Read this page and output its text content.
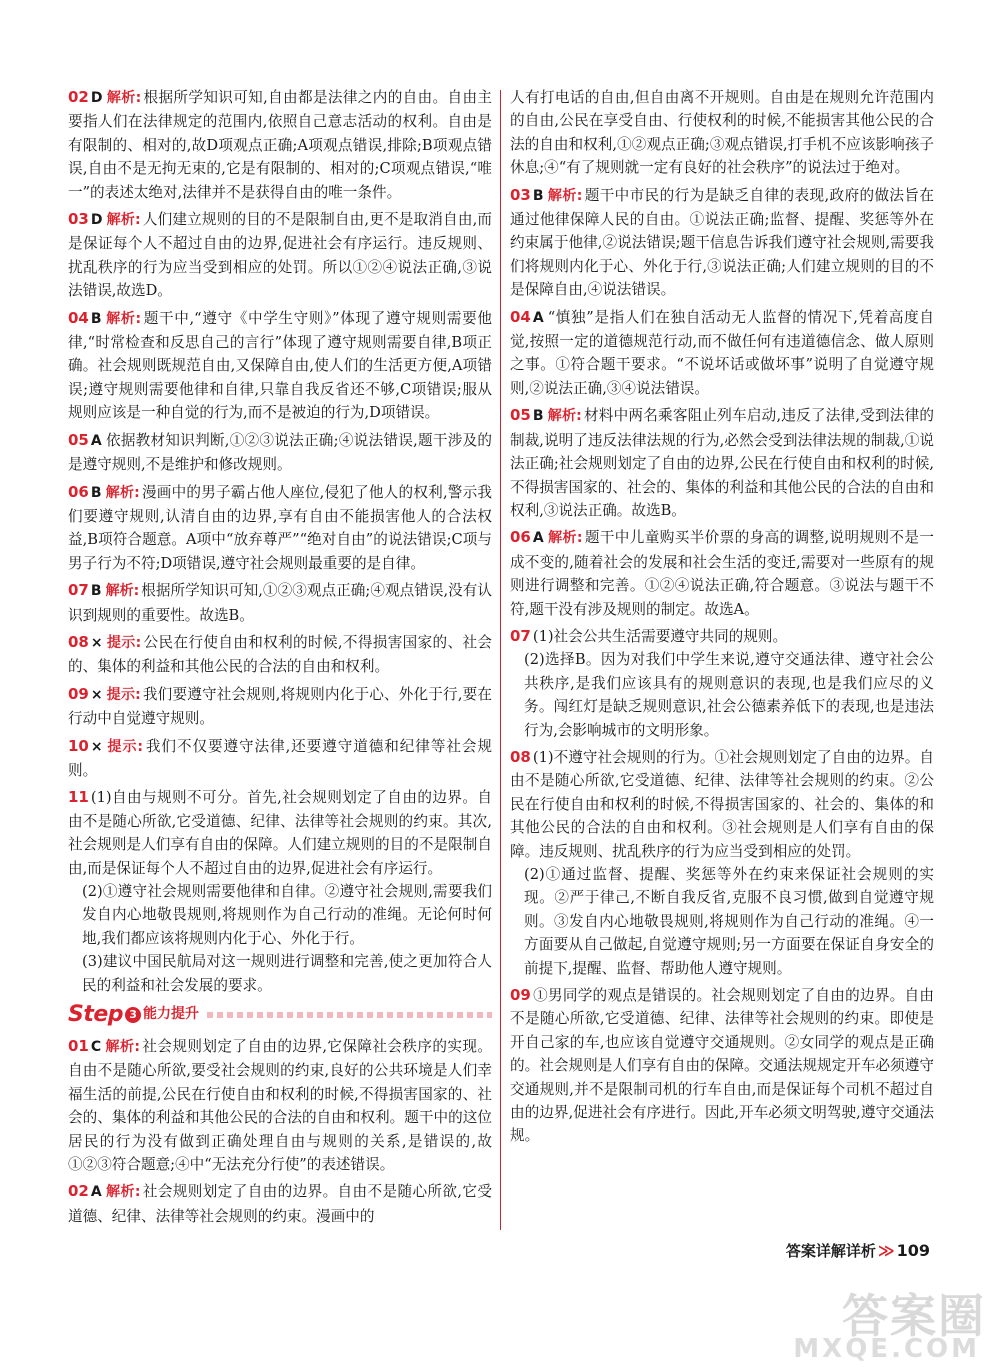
02 D 解析: 根据所学知识可知,自由都是法律之内的自由。自由主要指人们在法律规定的范围内,依照自己意志活动的权利。自由是有限制的、相对的,故D项观点正确;A项观点错误,排除;B项观点错误,自由不是无拘无束的,它是有限制的、相对的;C项观点错误,“唯一”的表述太绝对,法律并不是获得自由的唯一条件。
03 D 解析: 人们建立规则的目的不是限制自由,更不是取消自由,而是保证每个人不超过自由的边界,促进社会有序运行。违反规则、扰乱秩序的行为应当受到相应的处罚。所以①②④说法正确,③说法错误,故选D。
04 B 解析: 题干中,“遵守《中学生守则》”体现了遵守规则需要他律,“时常检查和反思自己的言行”体现了遵守规则需要自律,B项正确。社会规则既规范自由,又保障自由,使人们的生活更方便,A项错误;遵守规则需要他律和自律,只靠自我反省还不够,C项错误;服从规则应该是一种自觉的行为,而不是被迫的行为,D项错误。
05 A 依据教材知识判断,①②③说法正确;④说法错误,题干涉及的是遵守规则,不是维护和修改规则。
06 B 解析: 漫画中的男子霸占他人座位,侵犯了他人的权利,警示我们要遵守规则,认清自由的边界,享有自由不能损害他人的合法权益,B项符合题意。A项中“放弃尊严”“绝对自由”的说法错误;C项与男子行为不符;D项错误,遵守社会规则最重要的是自律。
07 B 解析: 根据所学知识可知,①②③观点正确;④观点错误,没有认识到规则的重要性。故选B。
08 × 提示: 公民在行使自由和权利的时候,不得损害国家的、社会的、集体的利益和其他公民的合法的自由和权利。
09 × 提示: 我们要遵守社会规则,将规则内化于心、外化于行,要在行动中自觉遵守规则。
10 × 提示: 我们不仅要遵守法律,还要遵守道德和纪律等社会规则。
11 (1)自由与规则不可分。首先,社会规则划定了自由的边界。自由不是随心所欲,它受道德、纪律、法律等社会规则的约束。其次,社会规则是人们享有自由的保障。人们建立规则的目的不是限制自由,而是保证每个人不超过自由的边界,促进社会有序运行。
(2)①遵守社会规则需要他律和自律。②遵守社会规则,需要我们发自内心地敬畏规则,将规则作为自己行动的准绳。无论何时何地,我们都应该将规则内化于心、外化于行。
(3)建议中国民航局对这一规则进行调整和完善,使之更加符合人民的利益和社会发展的要求。
Step 3 能力提升
01 C 解析: 社会规则划定了自由的边界,它保障社会秩序的实现。自由不是随心所欲,要受社会规则的约束,良好的公共环境是人们幸福生活的前提,公民在行使自由和权利的时候,不得损害国家的、社会的、集体的利益和其他公民的合法的自由和权利。题干中的这位居民的行为没有做到正确处理自由与规则的关系,是错误的,故①②③符合题意;④中“无法充分行使”的表述错误。
02 A 解析: 社会规则划定了自由的边界。自由不是随心所欲,它受道德、纪律、法律等社会规则的约束。漫画中的
人有打电话的自由,但自由离不开规则。自由是在规则允许范围内的自由,公民在享受自由、行使权利的时候,不能损害其他公民的合法的自由和权利,①②观点正确;③观点错误,打手机不应该影响孩子休息;④“有了规则就一定有良好的社会秩序”的说法过于绝对。
03 B 解析: 题干中市民的行为是缺乏自律的表现,政府的做法旨在通过他律保障人民的自由。①说法正确;监督、提醒、奖惩等外在约束属于他律,②说法错误;题干信息告诉我们遵守社会规则,需要我们将规则内化于心、外化于行,③说法正确;人们建立规则的目的不是保障自由,④说法错误。
04 A “慎独”是指人们在独自活动无人监督的情况下,凭着高度自觉,按照一定的道德规范行动,而不做任何有违道德信念、做人原则之事。①符合题干要求。“不说坏话或做坏事”说明了自觉遵守规则,②说法正确,③④说法错误。
05 B 解析: 材料中两名乘客阻止列车启动,违反了法律,受到法律的制裁,说明了违反法律法规的行为,必然会受到法律法规的制裁,①说法正确;社会规则划定了自由的边界,公民在行使自由和权利的时候,不得损害国家的、社会的、集体的利益和其他公民的合法的自由和权利,③说法正确。故选B。
06 A 解析: 题干中儿童购买半价票的身高的调整,说明规则不是一成不变的,随着社会的发展和社会生活的变迁,需要对一些原有的规则进行调整和完善。①②④说法正确,符合题意。③说法与题干不符,题干没有涉及规则的制定。故选A。
07 (1)社会公共生活需要遵守共同的规则。
(2)选择B。因为对我们中学生来说,遵守交通法律、遵守社会公共秩序,是我们应该具有的规则意识的表现,也是我们应尽的义务。闯红灯是缺乏规则意识,社会公德素养低下的表现,也是违法行为,会影响城市的文明形象。
08 (1)不遵守社会规则的行为。①社会规则划定了自由的边界。自由不是随心所欲,它受道德、纪律、法律等社会规则的约束。②公民在行使自由和权利的时候,不得损害国家的、社会的、集体的和其他公民的合法的自由和权利。③社会规则是人们享有自由的保障。违反规则、扰乱秩序的行为应当受到相应的处罚。
(2)①通过监督、提醒、奖惩等外在约束来保证社会规则的实现。②严于律己,不断自我反省,克服不良习惯,做到自觉遵守规则。③发自内心地敬畏规则,将规则作为自己行动的准绳。④一方面要从自己做起,自觉遵守规则;另一方面要在保证自身安全的前提下,提醒、监督、帮助他人遵守规则。
09 ①男同学的观点是错误的。社会规则划定了自由的边界。自由不是随心所欲,它受道德、纪律、法律等社会规则的约束。即使是开自己家的车,也应该自觉遵守交通规则。②女同学的观点是正确的。社会规则是人们享有自由的保障。交通法规规定开车必须遵守交通规则,并不是限制司机的行车自由,而是保证每个司机不超过自由的边界,促进社会有序进行。因此,开车必须文明驾驶,遵守交通法规。
答案详解详析 ≫ 109
答案圈
MXQE.COM
